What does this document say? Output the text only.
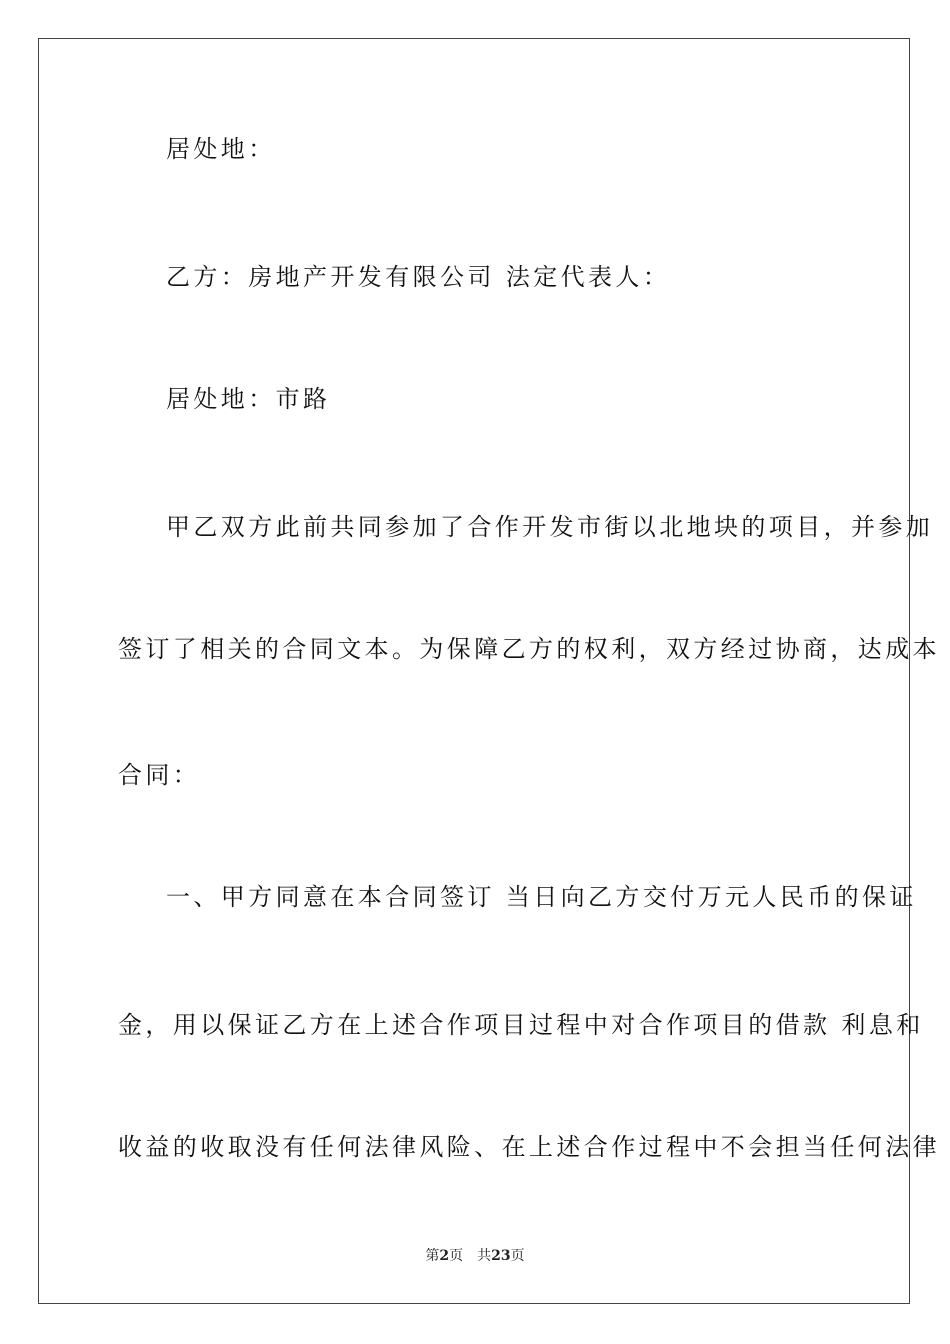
居处地：
乙方：房地产开发有限公司 法定代表人：
居处地：市路
甲乙双方此前共同参加了合作开发市街以北地块的项目，并参加
签订了相关的合同文本。为保障乙方的权利，双方经过协商，达成本
合同：
一、甲方同意在本合同签订 当日向乙方交付万元人民币的保证
金，用以保证乙方在上述合作项目过程中对合作项目的借款 利息和
收益的收取没有任何法律风险、在上述合作过程中不会担当任何法律
第2页 共23页
